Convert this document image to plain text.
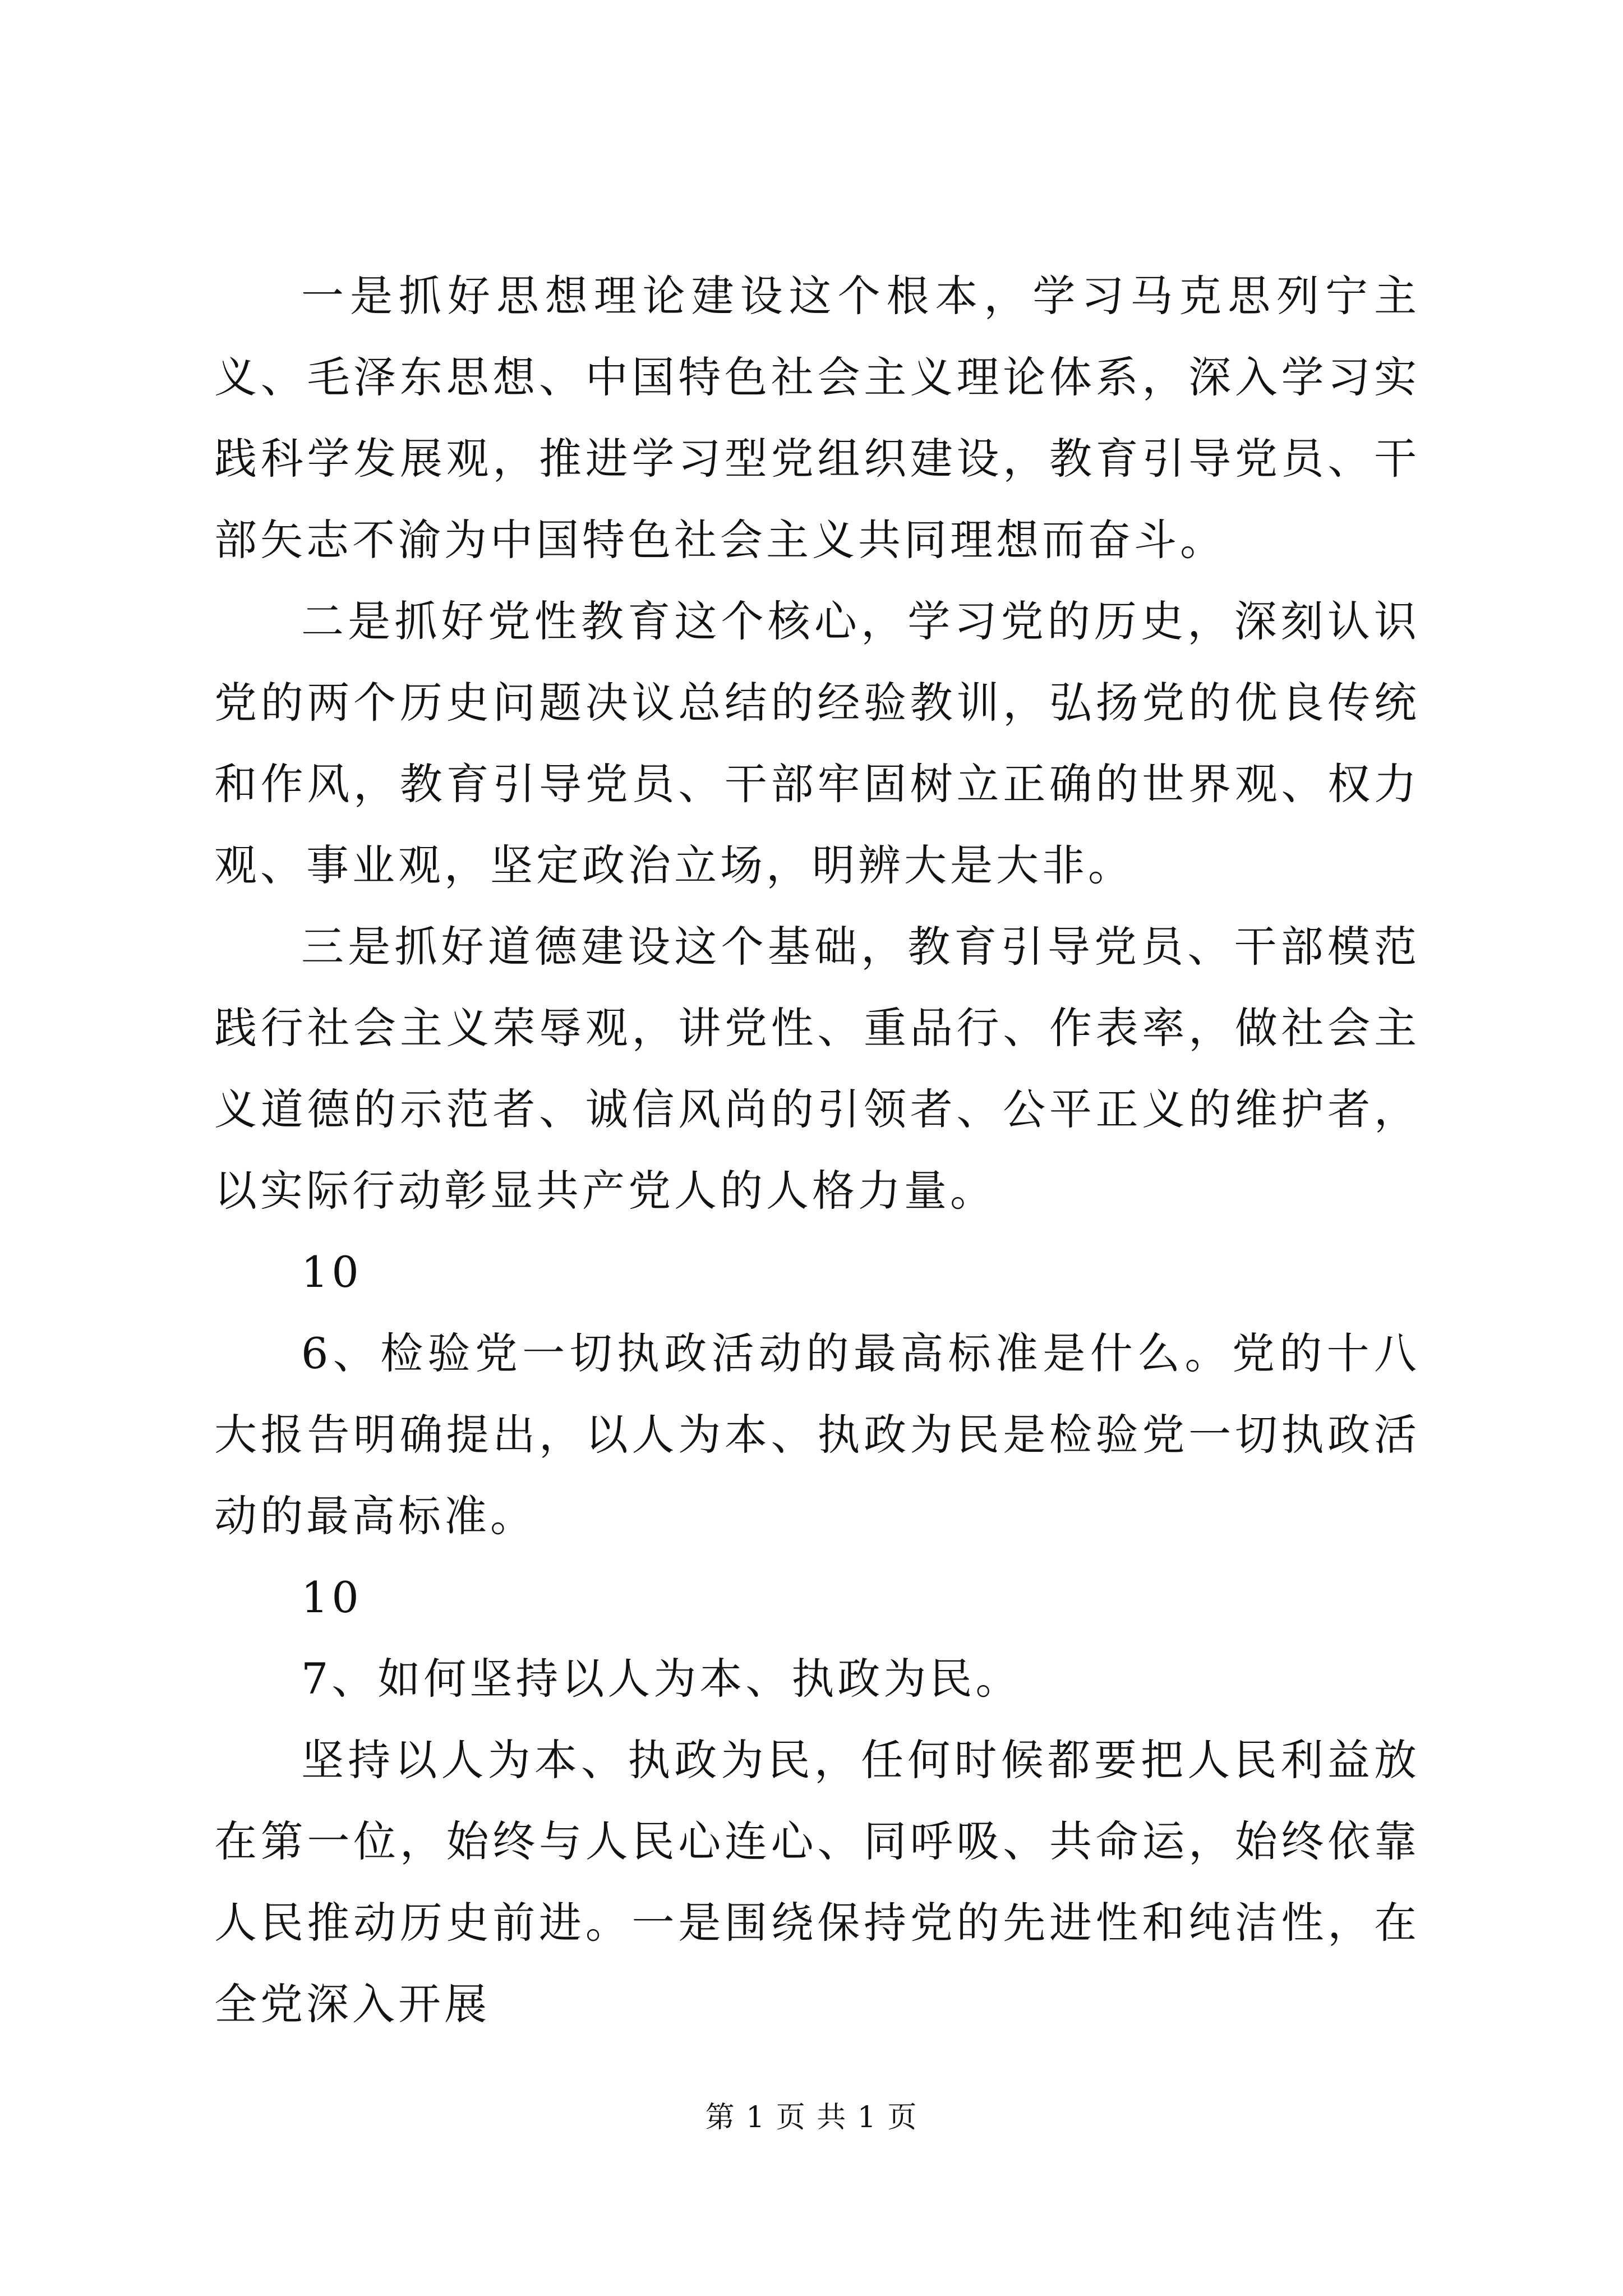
一是抓好思想理论建设这个根本，学习马克思列宁主义、毛泽东思想、中国特色社会主义理论体系，深入学习实践科学发展观，推进学习型党组织建设，教育引导党员、干部矢志不渝为中国特色社会主义共同理想而奋斗。

二是抓好党性教育这个核心，学习党的历史，深刻认识党的两个历史问题决议总结的经验教训，弘扬党的优良传统和作风，教育引导党员、干部牢固树立正确的世界观、权力观、事业观，坚定政治立场，明辨大是大非。

三是抓好道德建设这个基础，教育引导党员、干部模范践行社会主义荣辱观，讲党性、重品行、作表率，做社会主义道德的示范者、诚信风尚的引领者、公平正义的维护者，以实际行动彰显共产党人的人格力量。

10

6、检验党一切执政活动的最高标准是什么。党的十八大报告明确提出，以人为本、执政为民是检验党一切执政活动的最高标准。

10

7、如何坚持以人为本、执政为民。

坚持以人为本、执政为民，任何时候都要把人民利益放在第一位，始终与人民心连心、同呼吸、共命运，始终依靠人民推动历史前进。一是围绕保持党的先进性和纯洁性，在全党深入开展

第 1 页 共 1 页
